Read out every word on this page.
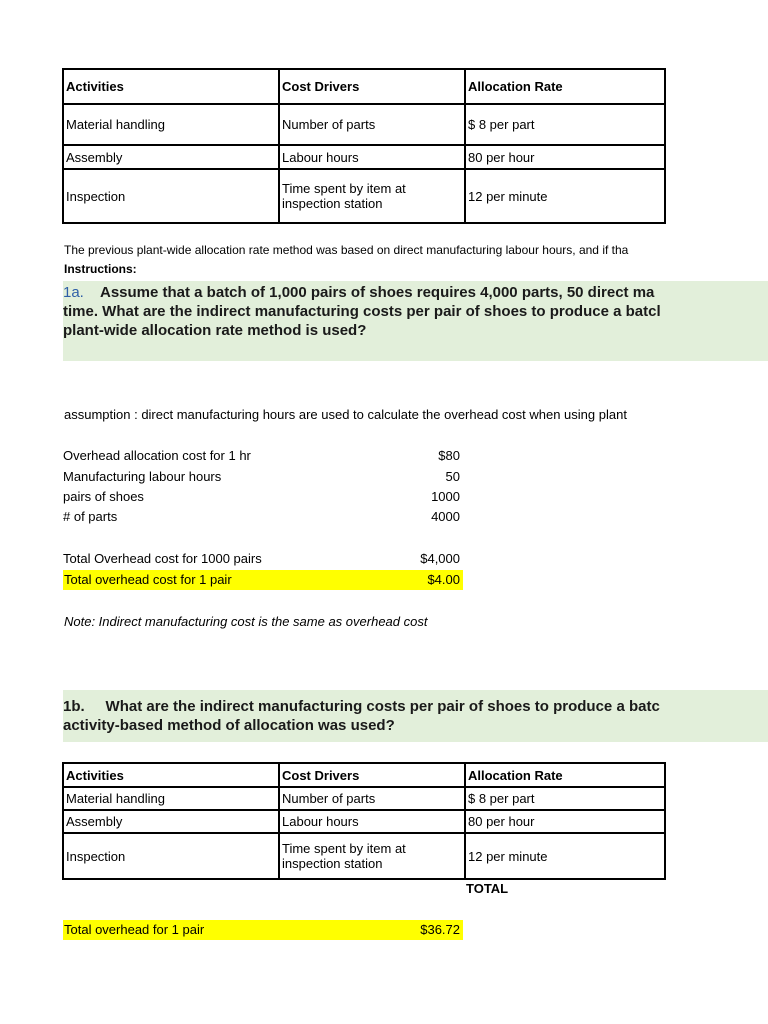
Activities	Cost Drivers	Allocation Rate
Material handling	Number of parts	$ 8 per part
Assembly	Labour hours	80 per hour
Inspection	Time spent by item at inspection station	12 per minute
The previous plant-wide allocation rate method was based on direct manufacturing labour hours, and if tha
Instructions:
1a. Assume that a batch of 1,000 pairs of shoes requires 4,000 parts, 50 direct ma time. What are the indirect manufacturing costs per pair of shoes to produce a batcl plant-wide allocation rate method is used?
assumption : direct manufacturing hours are used to calculate the overhead cost when using plant
Overhead allocation cost for 1 hr	$80
Manufacturing labour hours	50
pairs of shoes	1000
# of parts	4000
Total Overhead cost for 1000 pairs	$4,000
Total overhead cost for 1 pair	$4.00
Note: Indirect manufacturing cost is the same as overhead cost
1b. What are the indirect manufacturing costs per pair of shoes to produce a batc activity-based method of allocation was used?
Activities	Cost Drivers	Allocation Rate
Material handling	Number of parts	$ 8 per part
Assembly	Labour hours	80 per hour
Inspection	Time spent by item at inspection station	12 per minute
TOTAL
Total overhead for 1 pair	$36.72
